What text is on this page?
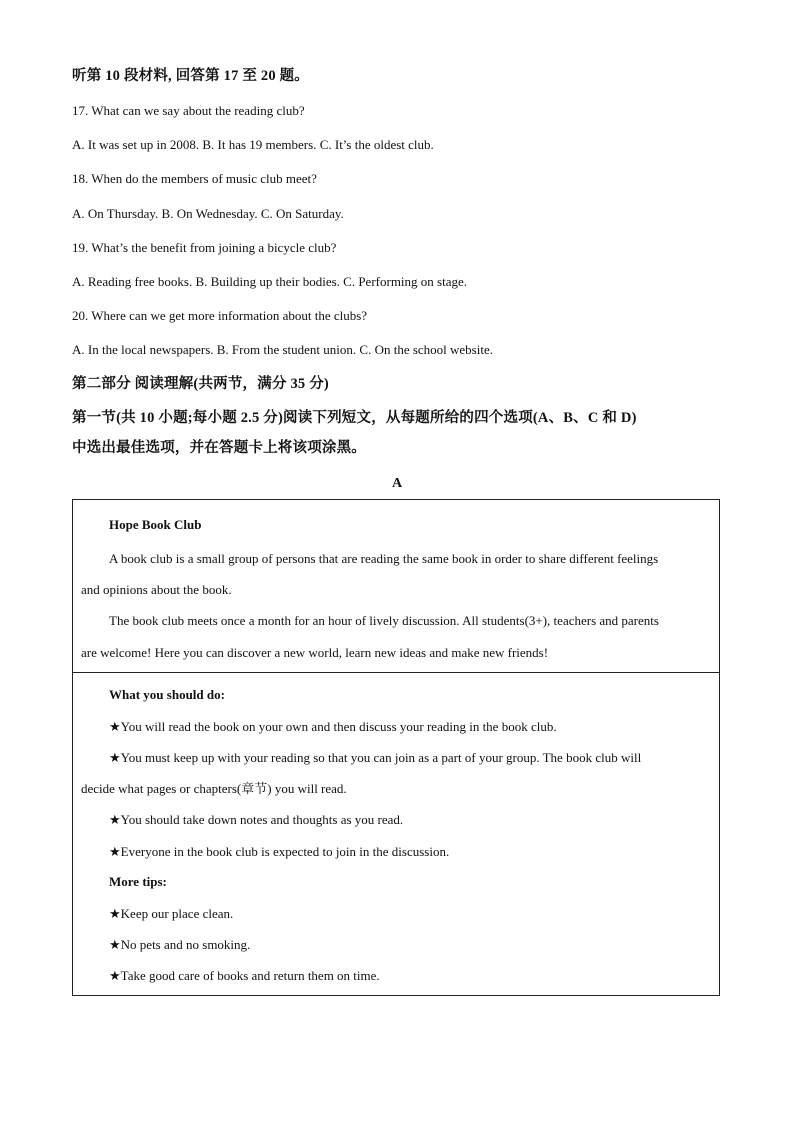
听第 10 段材料, 回答第 17 至 20 题。
17. What can we say about the reading club?
A. It was set up in 2008. B. It has 19 members. C. It’s the oldest club.
18. When do the members of music club meet?
A. On Thursday. B. On Wednesday. C. On Saturday.
19. What’s the benefit from joining a bicycle club?
A. Reading free books. B. Building up their bodies. C. Performing on stage.
20. Where can we get more information about the clubs?
A. In the local newspapers. B. From the student union. C. On the school website.
第二部分 阅读理解(共两节，满分 35 分)
第一节(共 10 小题;每小题 2.5 分)阅读下列短文，从每题所给的四个选项(A、B、C 和 D)
中选出最佳选项，并在答题卡上将该项涂黑。
A
Hope Book Club
A book club is a small group of persons that are reading the same book in order to share different feelings
and opinions about the book.
The book club meets once a month for an hour of lively discussion. All students(3+), teachers and parents
are welcome! Here you can discover a new world, learn new ideas and make new friends!
What you should do:
★You will read the book on your own and then discuss your reading in the book club.
★You must keep up with your reading so that you can join as a part of your group. The book club will
decide what pages or chapters(章节) you will read.
★You should take down notes and thoughts as you read.
★Everyone in the book club is expected to join in the discussion.
More tips:
★Keep our place clean.
★No pets and no smoking.
★Take good care of books and return them on time.
